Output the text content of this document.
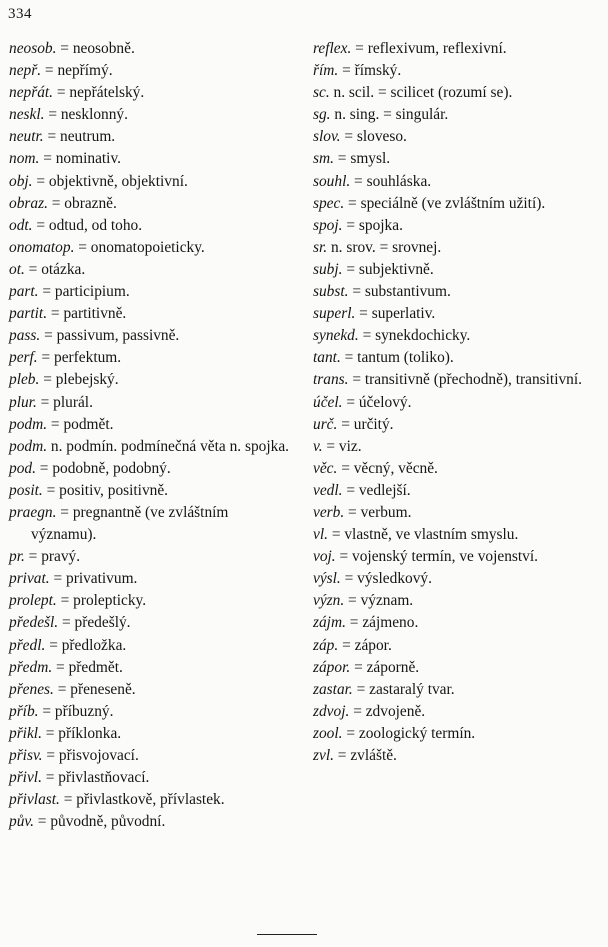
334
neosob. = neosobně.
nepř. = nepřímý.
nepřát. = nepřátelský.
neskl. = nesklonný.
neutr. = neutrum.
nom. = nominativ.
obj. = objektivně, objektivní.
obraz. = obrazně.
odt. = odtud, od toho.
onomatop. = onomatopoieticky.
ot. = otázka.
part. = participium.
partit. = partitivně.
pass. = passivum, passivně.
perf. = perfektum.
pleb. = plebejský.
plur. = plurál.
podm. = podmět.
podm. n. podmín. podmínečná věta n. spojka.
pod. = podobně, podobný.
posit. = positiv, positivně.
praegn. = pregnantně (ve zvláštním významu).
pr. = pravý.
privat. = privativum.
prolept. = prolepticky.
předešl. = předešlý.
předl. = předložka.
předm. = předmět.
přenes. = přeneseně.
příb. = příbuzný.
přikl. = příklonka.
přisv. = přisvojovací.
přivl. = přivlastňovací.
přivlast. = přivlastkově, přívlastek.
pův. = původně, původní.
reflex. = reflexivum, reflexivní.
řím. = římský.
sc. n. scil. = scilicet (rozumí se).
sg. n. sing. = singulár.
slov. = sloveso.
sm. = smysl.
souhl. = souhláska.
spec. = speciálně (ve zvláštním užití).
spoj. = spojka.
sr. n. srov. = srovnej.
subj. = subjektivně.
subst. = substantivum.
superl. = superlativ.
synekd. = synekdochicky.
tant. = tantum (toliko).
trans. = transitivně (přechodně), transitivní.
účel. = účelový.
urč. = určitý.
v. = viz.
věc. = věcný, věcně.
vedl. = vedlejší.
verb. = verbum.
vl. = vlastně, ve vlastním smyslu.
voj. = vojenský termín, ve vojenství.
výsl. = výsledkový.
význ. = význam.
zájm. = zájmeno.
záp. = zápor.
zápor. = záporně.
zastar. = zastaralý tvar.
zdvoj. = zdvojeně.
zool. = zoologický termín.
zvl. = zvláště.
